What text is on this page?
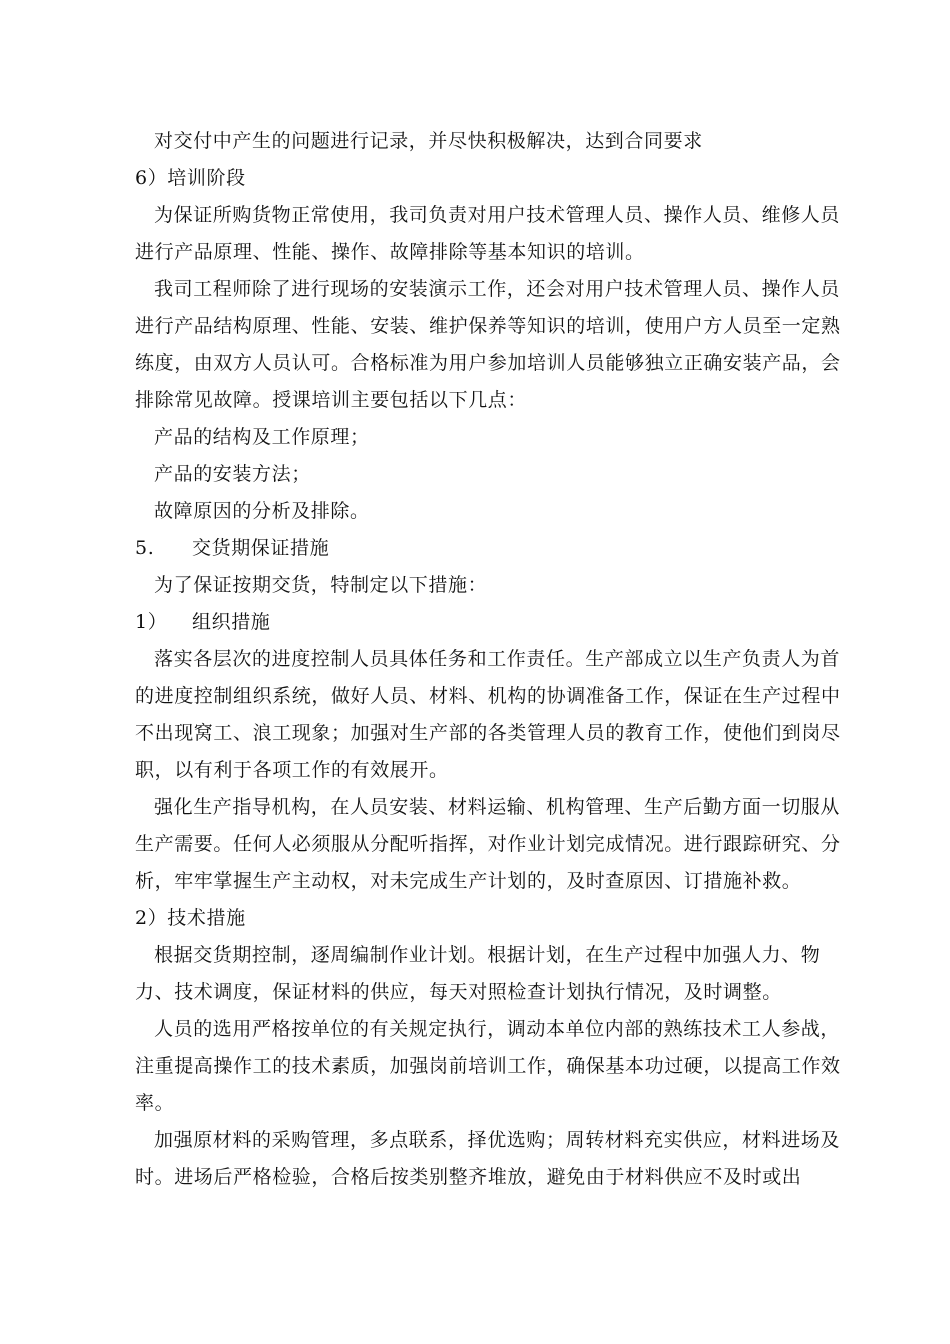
对交付中产生的问题进行记录，并尽快积极解决，达到合同要求
6）培训阶段
为保证所购货物正常使用，我司负责对用户技术管理人员、操作人员、维修人员
进行产品原理、性能、操作、故障排除等基本知识的培训。
我司工程师除了进行现场的安装演示工作，还会对用户技术管理人员、操作人员
进行产品结构原理、性能、安装、维护保养等知识的培训，使用户方人员至一定熟
练度，由双方人员认可。合格标准为用户参加培训人员能够独立正确安装产品，会
排除常见故障。授课培训主要包括以下几点：
产品的结构及工作原理；
产品的安装方法；
故障原因的分析及排除。
5. 交货期保证措施
为了保证按期交货，特制定以下措施：
1） 组织措施
落实各层次的进度控制人员具体任务和工作责任。生产部成立以生产负责人为首
的进度控制组织系统，做好人员、材料、机构的协调准备工作，保证在生产过程中
不出现窝工、浪工现象；加强对生产部的各类管理人员的教育工作，使他们到岗尽
职，以有利于各项工作的有效展开。
强化生产指导机构，在人员安装、材料运输、机构管理、生产后勤方面一切服从
生产需要。任何人必须服从分配听指挥，对作业计划完成情况。进行跟踪研究、分
析，牢牢掌握生产主动权，对未完成生产计划的，及时查原因、订措施补救。
2）技术措施
根据交货期控制，逐周编制作业计划。根据计划，在生产过程中加强人力、物
力、技术调度，保证材料的供应，每天对照检查计划执行情况，及时调整。
人员的选用严格按单位的有关规定执行，调动本单位内部的熟练技术工人参战，
注重提高操作工的技术素质，加强岗前培训工作，确保基本功过硬，以提高工作效
率。
加强原材料的采购管理，多点联系，择优选购；周转材料充实供应，材料进场及
时。进场后严格检验，合格后按类别整齐堆放，避免由于材料供应不及时或出
